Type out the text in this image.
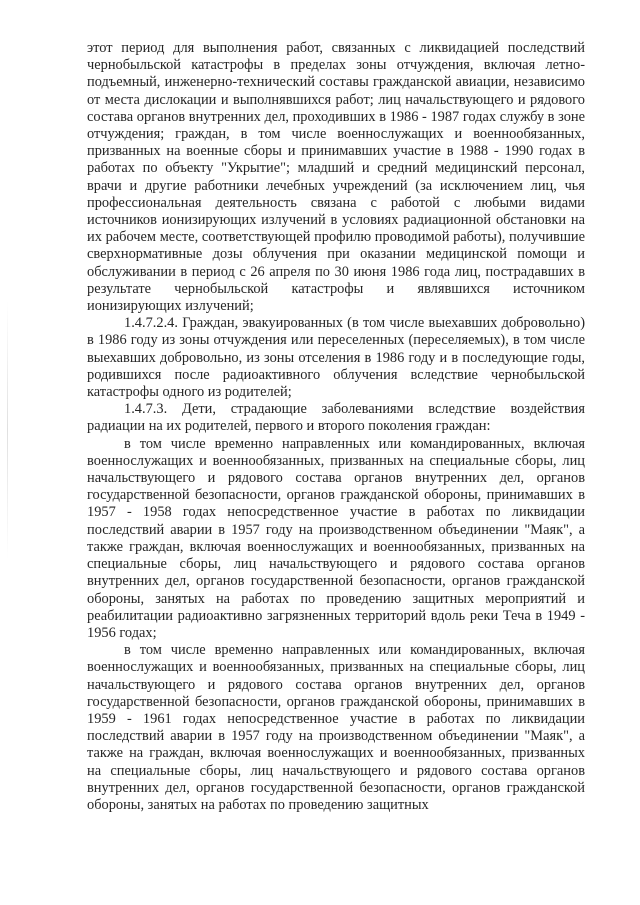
этот период для выполнения работ, связанных с ликвидацией последствий чернобыльской катастрофы в пределах зоны отчуждения, включая летно-подъемный, инженерно-технический составы гражданской авиации, независимо от места дислокации и выполнявшихся работ; лиц начальствующего и рядового состава органов внутренних дел, проходивших в 1986 - 1987 годах службу в зоне отчуждения; граждан, в том числе военнослужащих и военнообязанных, призванных на военные сборы и принимавших участие в 1988 - 1990 годах в работах по объекту "Укрытие"; младший и средний медицинский персонал, врачи и другие работники лечебных учреждений (за исключением лиц, чья профессиональная деятельность связана с работой с любыми видами источников ионизирующих излучений в условиях радиационной обстановки на их рабочем месте, соответствующей профилю проводимой работы), получившие сверхнормативные дозы облучения при оказании медицинской помощи и обслуживании в период с 26 апреля по 30 июня 1986 года лиц, пострадавших в результате чернобыльской катастрофы и являвшихся источником ионизирующих излучений;

1.4.7.2.4. Граждан, эвакуированных (в том числе выехавших добровольно) в 1986 году из зоны отчуждения или переселенных (переселяемых), в том числе выехавших добровольно, из зоны отселения в 1986 году и в последующие годы, родившихся после радиоактивного облучения вследствие чернобыльской катастрофы одного из родителей;

1.4.7.3. Дети, страдающие заболеваниями вследствие воздействия радиации на их родителей, первого и второго поколения граждан:

в том числе временно направленных или командированных, включая военнослужащих и военнообязанных, призванных на специальные сборы, лиц начальствующего и рядового состава органов внутренних дел, органов государственной безопасности, органов гражданской обороны, принимавших в 1957 - 1958 годах непосредственное участие в работах по ликвидации последствий аварии в 1957 году на производственном объединении "Маяк", а также граждан, включая военнослужащих и военнообязанных, призванных на специальные сборы, лиц начальствующего и рядового состава органов внутренних дел, органов государственной безопасности, органов гражданской обороны, занятых на работах по проведению защитных мероприятий и реабилитации радиоактивно загрязненных территорий вдоль реки Теча в 1949 - 1956 годах;

в том числе временно направленных или командированных, включая военнослужащих и военнообязанных, призванных на специальные сборы, лиц начальствующего и рядового состава органов внутренних дел, органов государственной безопасности, органов гражданской обороны, принимавших в 1959 - 1961 годах непосредственное участие в работах по ликвидации последствий аварии в 1957 году на производственном объединении "Маяк", а также на граждан, включая военнослужащих и военнообязанных, призванных на специальные сборы, лиц начальствующего и рядового состава органов внутренних дел, органов государственной безопасности, органов гражданской обороны, занятых на работах по проведению защитных
